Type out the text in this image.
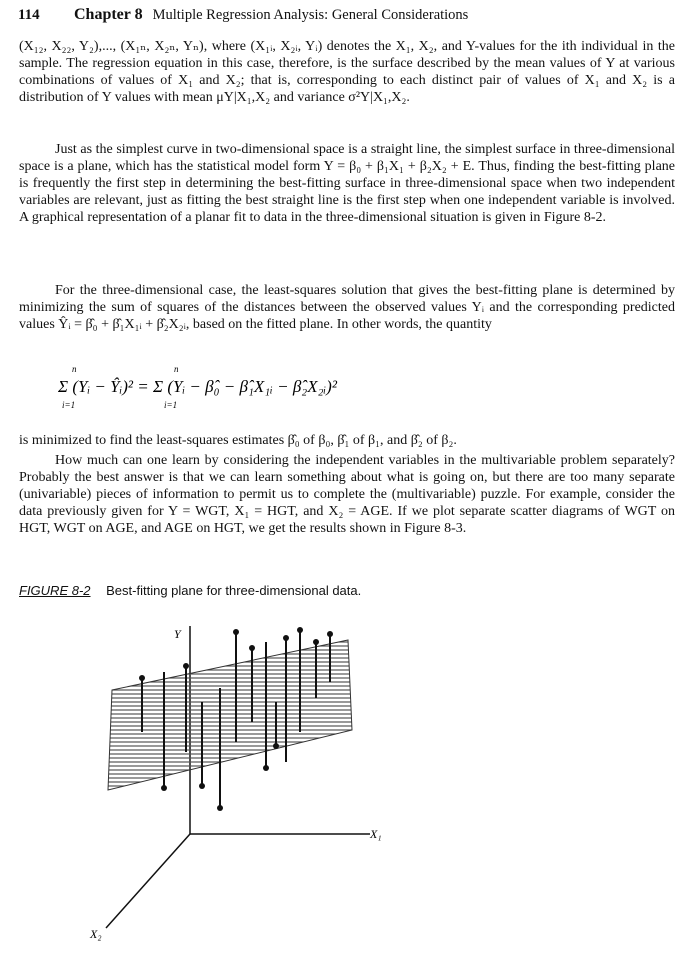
114	Chapter 8 Multiple Regression Analysis: General Considerations

(X₁₂, X₂₂, Y₂),..., (X₁ₙ, X₂ₙ, Yₙ), where (X₁ᵢ, X₂ᵢ, Yᵢ) denotes the X₁, X₂, and Y-values for the ith individual in the sample. The regression equation in this case, therefore, is the surface described by the mean values of Y at various combinations of values of X₁ and X₂; that is, corresponding to each distinct pair of values of X₁ and X₂ is a distribution of Y values with mean μY|X₁,X₂ and variance σ²Y|X₁,X₂.

Just as the simplest curve in two-dimensional space is a straight line, the simplest surface in three-dimensional space is a plane, which has the statistical model form Y = β₀ + β₁X₁ + β₂X₂ + E. Thus, finding the best-fitting plane is frequently the first step in determining the best-fitting surface in three-dimensional space when two independent variables are relevant, just as fitting the best straight line is the first step when one independent variable is involved. A graphical representation of a planar fit to data in the three-dimensional situation is given in Figure 8-2.

For the three-dimensional case, the least-squares solution that gives the best-fitting plane is determined by minimizing the sum of squares of the distances between the observed values Yᵢ and the corresponding predicted values Ŷᵢ = β̂₀ + β̂₁X₁ᵢ + β̂₂X₂ᵢ, based on the fitted plane. In other words, the quantity

n
i=1
n
i=1
Σ (Yᵢ − Ŷᵢ)² = Σ (Yᵢ − β̂₀ − β̂₁X₁ᵢ − β̂₂X₂ᵢ)²

is minimized to find the least-squares estimates β̂₀ of β₀, β̂₁ of β₁, and β̂₂ of β₂.

How much can one learn by considering the independent variables in the multivariable problem separately? Probably the best answer is that we can learn something about what is going on, but there are too many separate (univariable) pieces of information to permit us to complete the (multivariable) puzzle. For example, consider the data previously given for Y = WGT, X₁ = HGT, and X₂ = AGE. If we plot separate scatter diagrams of WGT on HGT, WGT on AGE, and AGE on HGT, we get the results shown in Figure 8-3.

FIGURE 8-2 Best-fitting plane for three-dimensional data.
Y
X₁
X₂
